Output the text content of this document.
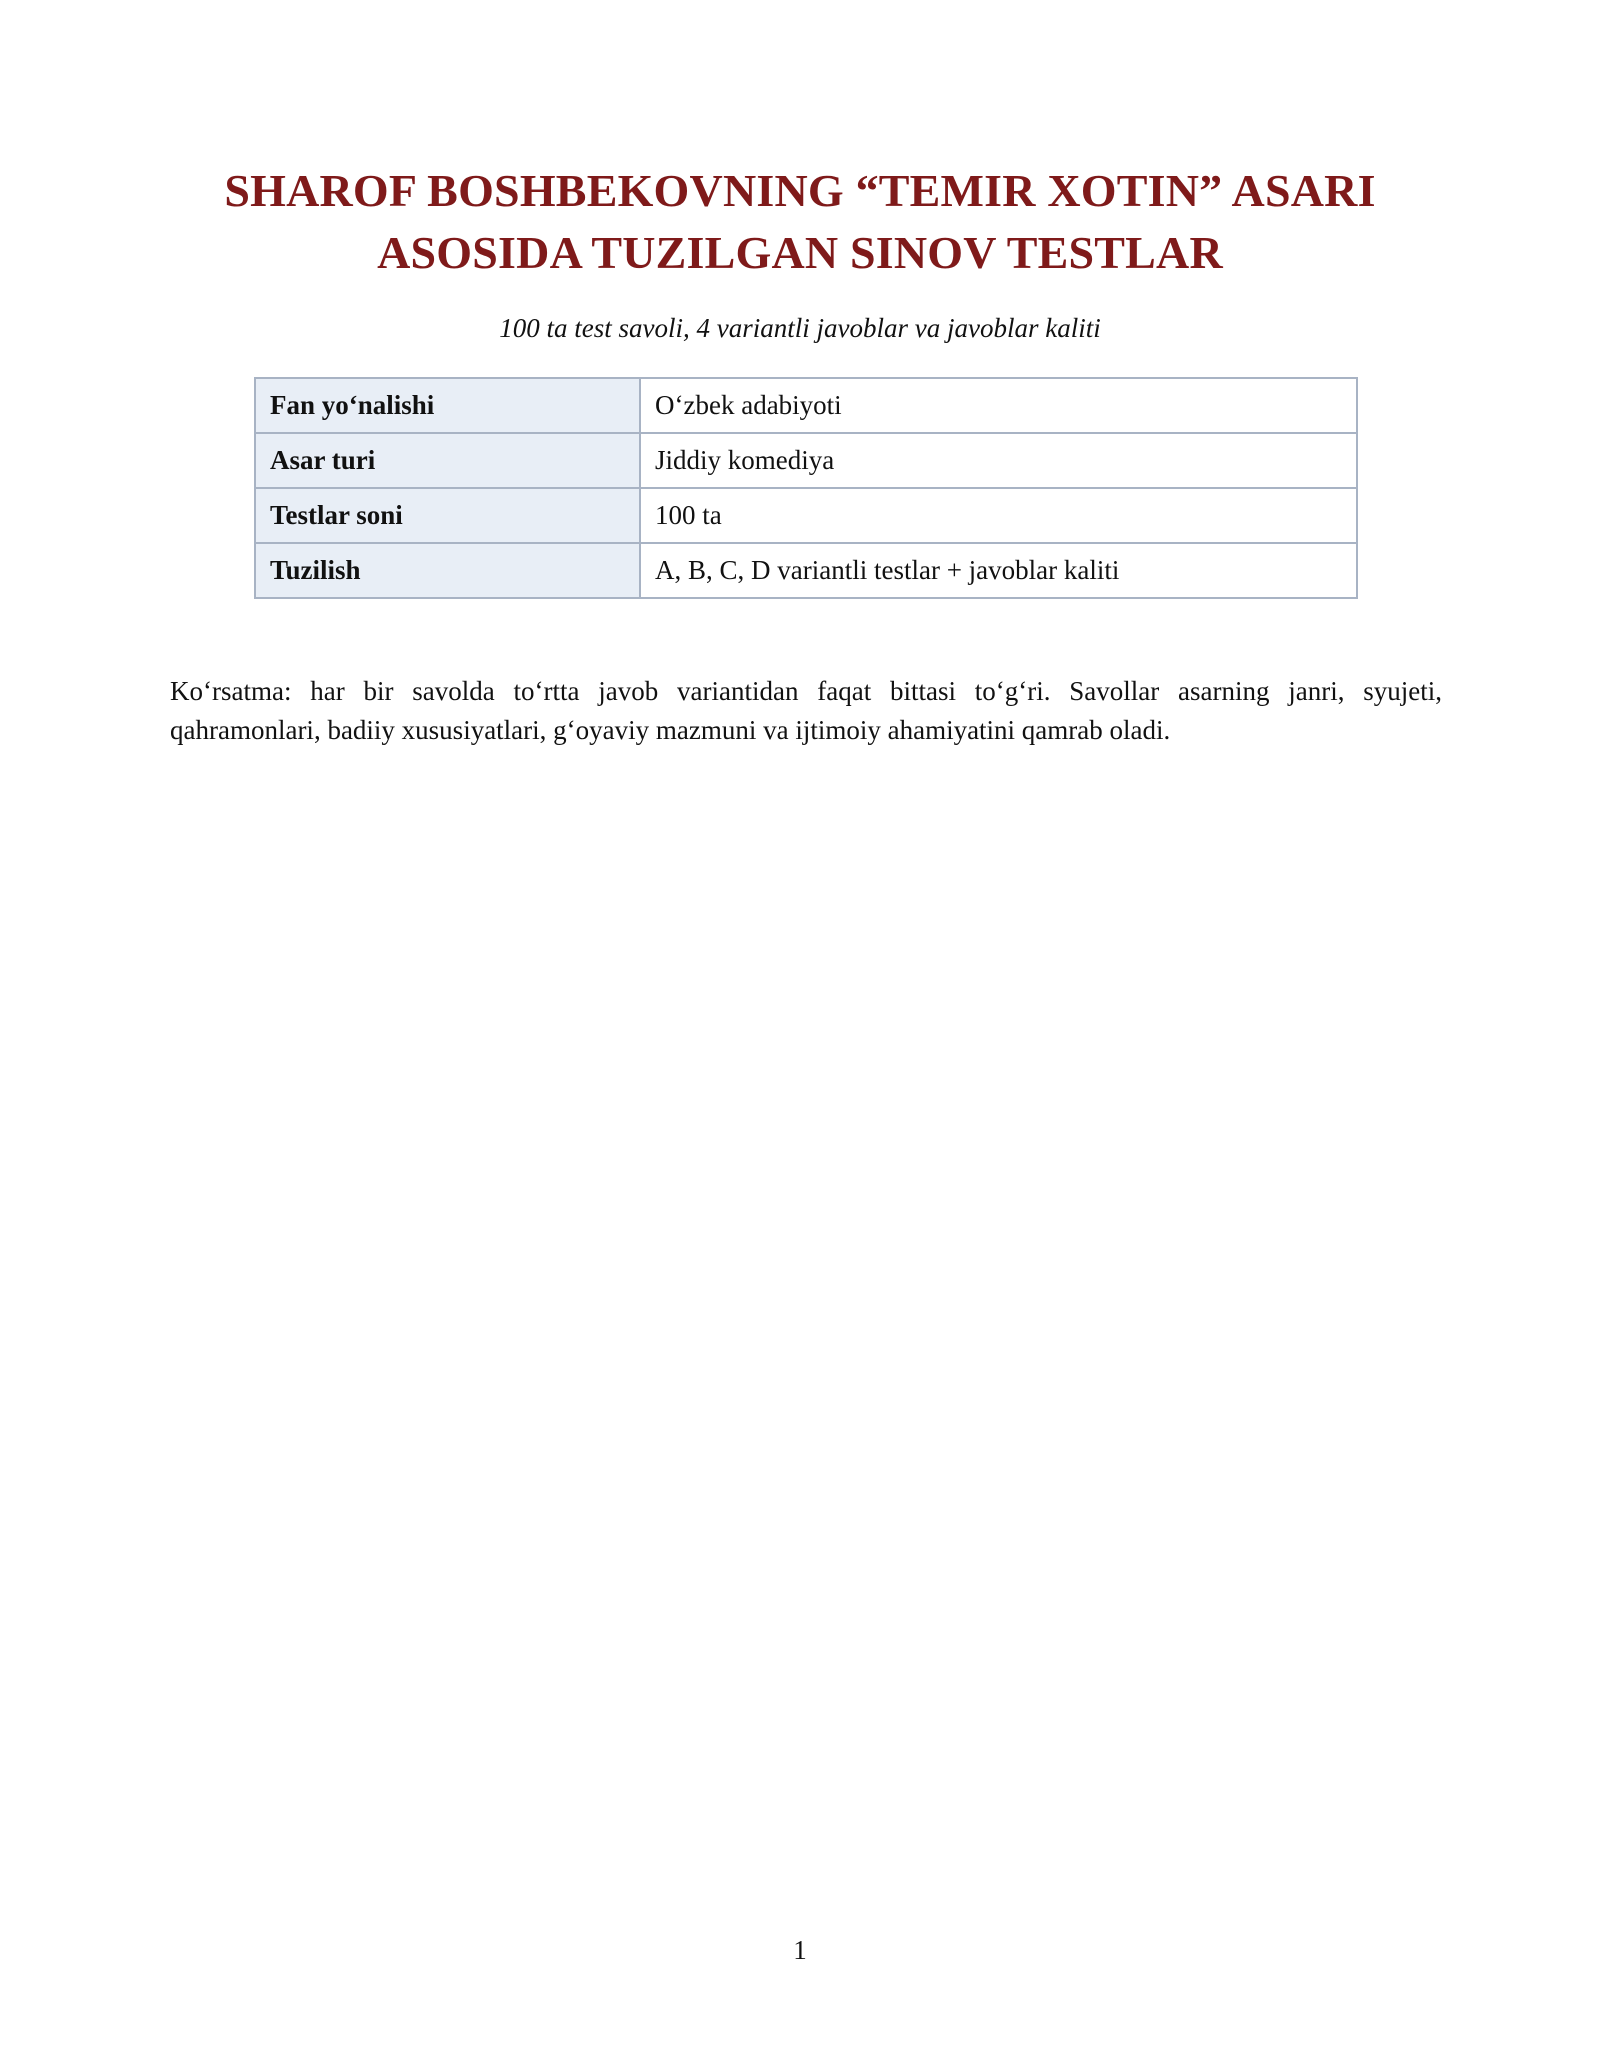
SHAROF BOSHBEKOVNING “TEMIR XOTIN” ASARI
ASOSIDA TUZILGAN SINOV TESTLAR

100 ta test savoli, 4 variantli javoblar va javoblar kaliti

Fan yo‘nalishi	O‘zbek adabiyoti
Asar turi	Jiddiy komediya
Testlar soni	100 ta
Tuzilish	A, B, C, D variantli testlar + javoblar kaliti

Ko‘rsatma: har bir savolda to‘rtta javob variantidan faqat bittasi to‘g‘ri. Savollar asarning janri, syujeti, qahramonlari, badiiy xususiyatlari, g‘oyaviy mazmuni va ijtimoiy ahamiyatini qamrab oladi.

1
